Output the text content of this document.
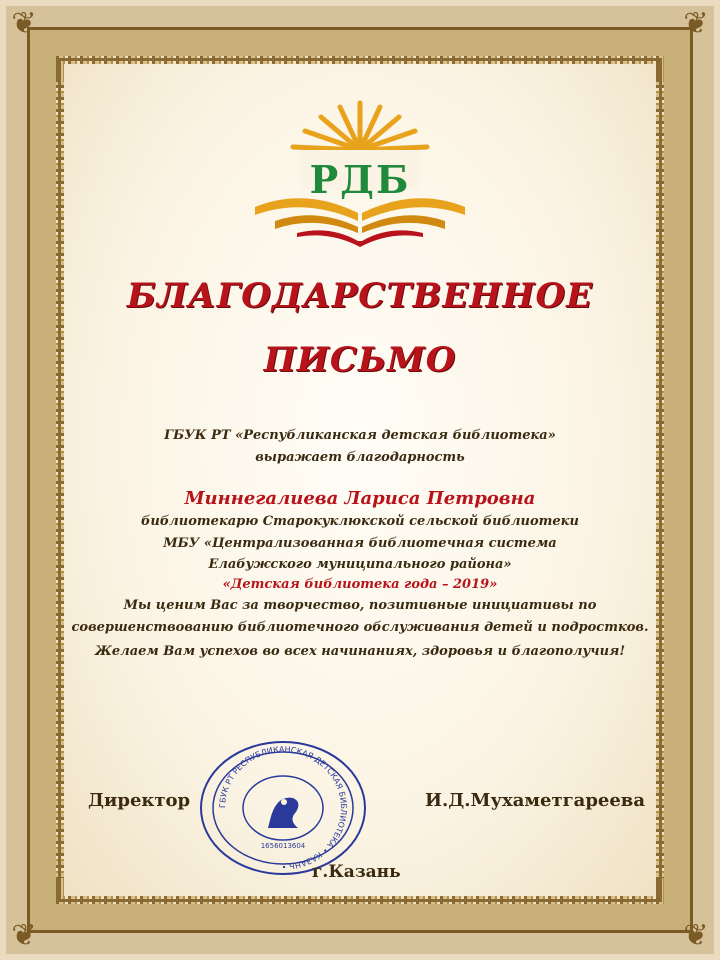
❦	❦
❦	❦
РДБ
БЛАГОДАРСТВЕННОЕ
ПИСЬМО
ГБУК РТ «Республиканская детская библиотека»
выражает благодарность
Миннегалиева Лариса Петровна
библиотекарю Старокуклюкской сельской библиотеки
МБУ «Централизованная библиотечная система
Елабужского муниципального района»
«Детская библиотека года – 2019»
Мы ценим Вас за творчество, позитивные инициативы по
совершенствованию библиотечного обслуживания детей и подростков.
Желаем Вам успехов во всех начинаниях, здоровья и благополучия!
ГБУК РТ РЕСПУБЛИКАНСКАЯ ДЕТСКАЯ БИБЛИОТЕКА • КАЗАНЬ •
1656013604
Директор	И.Д.Мухаметгареева
г.Казань
